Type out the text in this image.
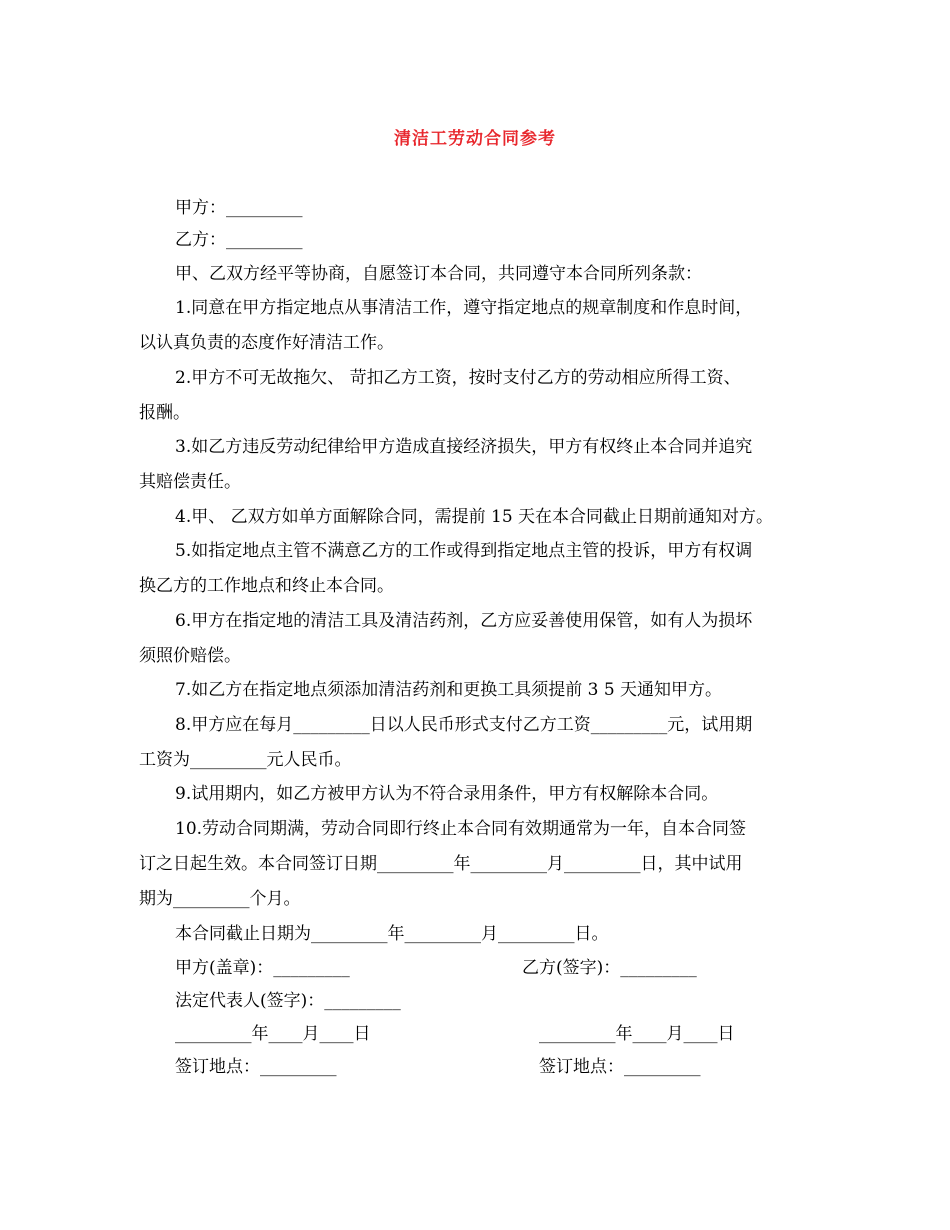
清洁工劳动合同参考
甲方：_________
乙方：_________
甲、乙双方经平等协商，自愿签订本合同，共同遵守本合同所列条款：
1.同意在甲方指定地点从事清洁工作，遵守指定地点的规章制度和作息时间，
以认真负责的态度作好清洁工作。
2.甲方不可无故拖欠、 苛扣乙方工资，按时支付乙方的劳动相应所得工资、
报酬。
3.如乙方违反劳动纪律给甲方造成直接经济损失，甲方有权终止本合同并追究
其赔偿责任。
4.甲、 乙双方如单方面解除合同，需提前 15 天在本合同截止日期前通知对方。
5.如指定地点主管不满意乙方的工作或得到指定地点主管的投诉，甲方有权调
换乙方的工作地点和终止本合同。
6.甲方在指定地的清洁工具及清洁药剂，乙方应妥善使用保管，如有人为损坏
须照价赔偿。
7.如乙方在指定地点须添加清洁药剂和更换工具须提前 3 5 天通知甲方。
8.甲方应在每月_________日以人民币形式支付乙方工资_________元，试用期
工资为_________元人民币。
9.试用期内，如乙方被甲方认为不符合录用条件，甲方有权解除本合同。
10.劳动合同期满，劳动合同即行终止本合同有效期通常为一年，自本合同签
订之日起生效。本合同签订日期_________年_________月_________日，其中试用
期为_________个月。
本合同截止日期为_________年_________月_________日。
甲方(盖章)：_________	乙方(签字)：_________
法定代表人(签字)：_________
_________年____月____日	_________年____月____日
签订地点：_________	签订地点：_________
